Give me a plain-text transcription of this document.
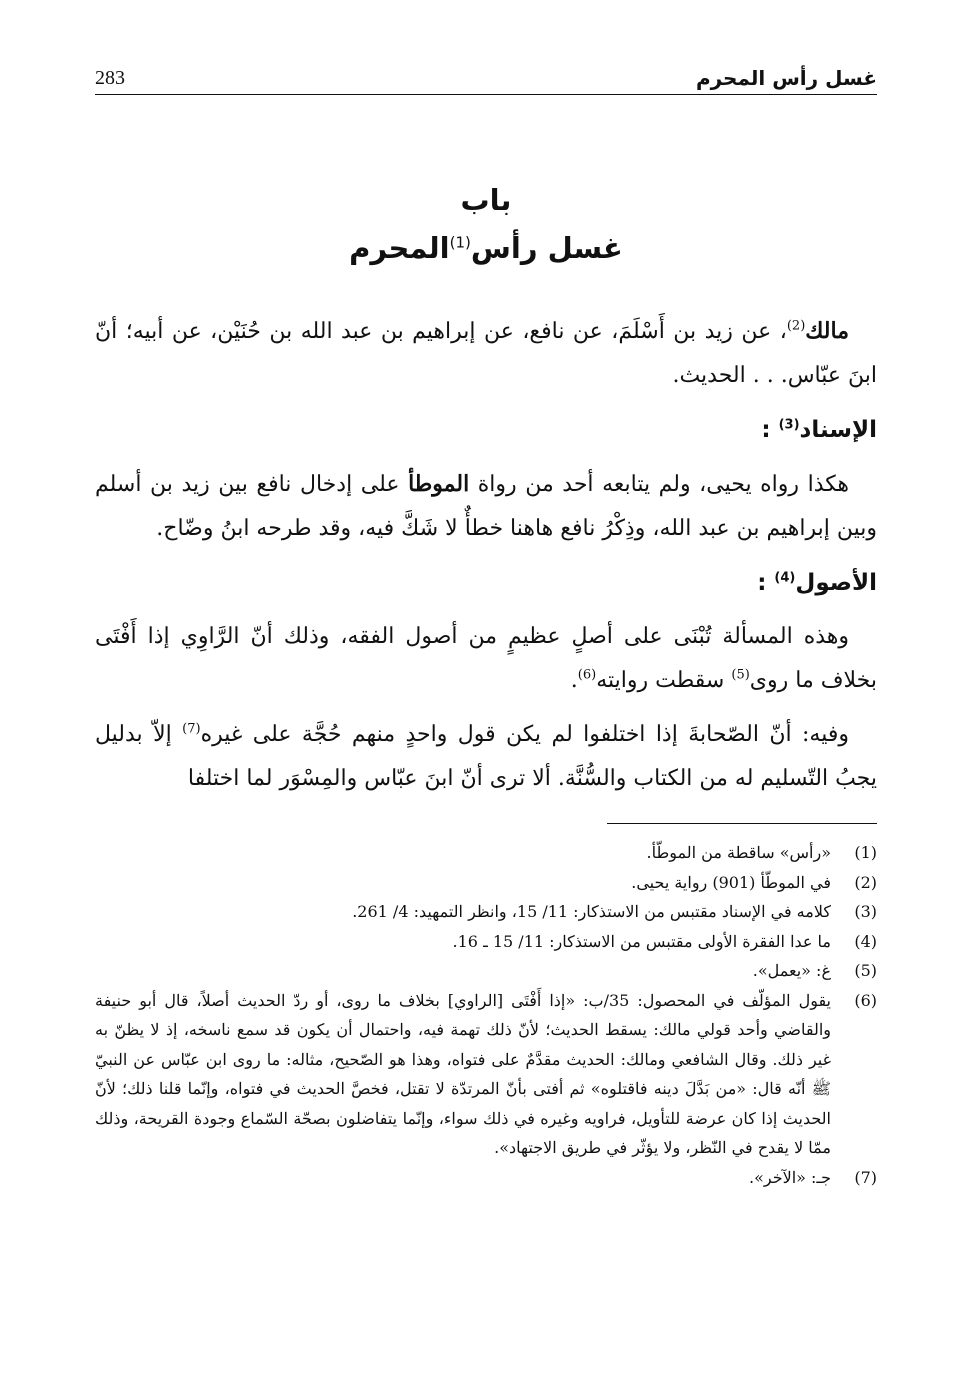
غسل رأس المحرم
283
باب
غسل رأس$^{(1)}$المحرم

مالك$^{(2)}$، عن زيد بن أَسْلَمَ، عن نافع، عن إبراهيم بن عبد الله بن حُنَيْن، عن أبيه؛ أنّ ابنَ عبّاس. . . الحديث.

الإسناد$^{(3)}$ :

هكذا رواه يحيى، ولم يتابعه أحد من رواة الموطأ على إدخال نافع بين زيد بن أسلم وبين إبراهيم بن عبد الله، وذِكْرُ نافع هاهنا خطأٌ لا شَكَّ فيه، وقد طرحه ابنُ وضّاح.

الأصول$^{(4)}$ :

وهذه المسألة تُبْنَى على أصلٍ عظيمٍ من أصول الفقه، وذلك أنّ الرَّاوِي إذا أَفْتَى بخلاف ما روى$^{(5)}$ سقطت روايته$^{(6)}$.

وفيه: أنّ الصّحابةَ إذا اختلفوا لم يكن قول واحدٍ منهم حُجَّة على غيره$^{(7)}$ إلاّ بدليل يجبُ التّسليم له من الكتاب والسُّنَّة. ألا ترى أنّ ابنَ عبّاس والمِسْوَر لما اختلفا

(1)
«رأس» ساقطة من الموطّأ.
(2)
في الموطّأ (901) رواية يحيى.
(3)
كلامه في الإسناد مقتبس من الاستذكار: 11/ 15، وانظر التمهيد: 4/ 261.
(4)
ما عدا الفقرة الأولى مقتبس من الاستذكار: 11/ 15 ـ 16.
(5)
غ: «يعمل».
(6)
يقول المؤلّف في المحصول: 35/ب: «إذا أَفْتَى [الراوي] بخلاف ما روى، أو ردّ الحديث أصلاً، قال أبو حنيفة والقاضي وأحد قولي مالك: يسقط الحديث؛ لأنّ ذلك تهمة فيه، واحتمال أن يكون قد سمع ناسخه، إذ لا يظنّ به غير ذلك. وقال الشافعي ومالك: الحديث مقدَّمٌ على فتواه، وهذا هو الصّحيح، مثاله: ما روى ابن عبّاس عن النبيّ ﷺ أنّه قال: «من بَدَّلَ دينه فاقتلوه» ثم أفتى بأنّ المرتدّة لا تقتل، فخصَّ الحديث في فتواه، وإنّما قلنا ذلك؛ لأنّ الحديث إذا كان عرضة للتأويل، فراويه وغيره في ذلك سواء، وإنّما يتفاضلون بصحّة السّماع وجودة القريحة، وذلك ممّا لا يقدح في النّظر، ولا يؤثّر في طريق الاجتهاد».
(7)
جـ: «الآخر».
